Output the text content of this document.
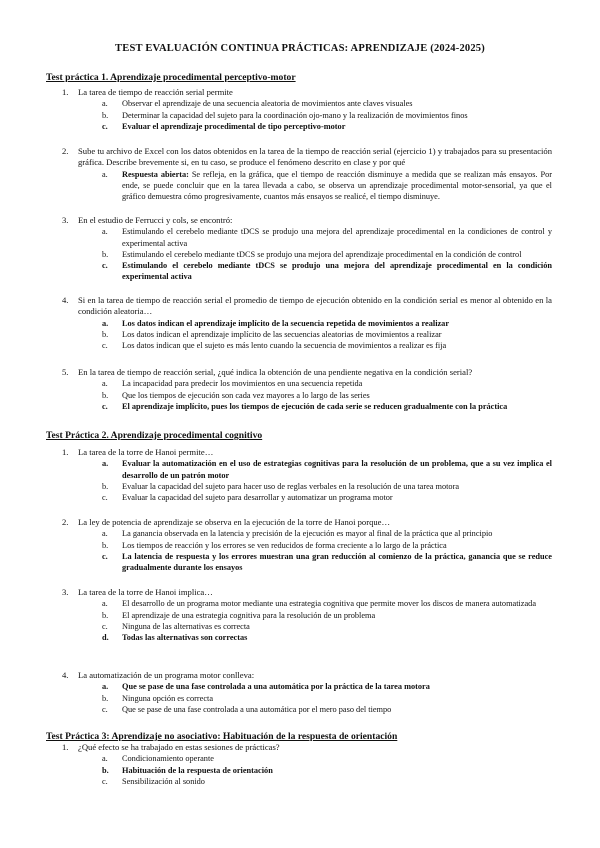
TEST EVALUACIÓN CONTINUA PRÁCTICAS: APRENDIZAJE (2024-2025)
Test práctica 1. Aprendizaje procedimental perceptivo-motor
1. La tarea de tiempo de reacción serial permite
a. Observar el aprendizaje de una secuencia aleatoria de movimientos ante claves visuales
b. Determinar la capacidad del sujeto para la coordinación ojo-mano y la realización de movimientos finos
c. Evaluar el aprendizaje procedimental de tipo perceptivo-motor
2. Sube tu archivo de Excel con los datos obtenidos en la tarea de la tiempo de reacción serial (ejercicio 1) y trabajados para su presentación gráfica. Describe brevemente si, en tu caso, se produce el fenómeno descrito en clase y por qué
a. Respuesta abierta: Se refleja, en la gráfica, que el tiempo de reacción disminuye a medida que se realizan más ensayos. Por ende, se puede concluir que en la tarea llevada a cabo, se observa un aprendizaje procedimental motor-sensorial, ya que el gráfico demuestra cómo progresivamente, cuantos más ensayos se realicé, el tiempo disminuye.
3. En el estudio de Ferrucci y cols, se encontró:
a. Estimulando el cerebelo mediante tDCS se produjo una mejora del aprendizaje procedimental en la condiciones de control y experimental activa
b. Estimulando el cerebelo mediante tDCS se produjo una mejora del aprendizaje procedimental en la condición de control
c. Estimulando el cerebelo mediante tDCS se produjo una mejora del aprendizaje procedimental en la condición experimental activa
4. Si en la tarea de tiempo de reacción serial el promedio de tiempo de ejecución obtenido en la condición serial es menor al obtenido en la condición aleatoria…
a. Los datos indican el aprendizaje implícito de la secuencia repetida de movimientos a realizar
b. Los datos indican el aprendizaje implícito de las secuencias aleatorias de movimientos a realizar
c. Los datos indican que el sujeto es más lento cuando la secuencia de movimientos a realizar es fija
5. En la tarea de tiempo de reacción serial, ¿qué indica la obtención de una pendiente negativa en la condición serial?
a. La incapacidad para predecir los movimientos en una secuencia repetida
b. Que los tiempos de ejecución son cada vez mayores a lo largo de las series
c. El aprendizaje implícito, pues los tiempos de ejecución de cada serie se reducen gradualmente con la práctica
Test Práctica 2. Aprendizaje procedimental cognitivo
1. La tarea de la torre de Hanoi permite…
a. Evaluar la automatización en el uso de estrategias cognitivas para la resolución de un problema, que a su vez implica el desarrollo de un patrón motor
b. Evaluar la capacidad del sujeto para hacer uso de reglas verbales en la resolución de una tarea motora
c. Evaluar la capacidad del sujeto para desarrollar y automatizar un programa motor
2. La ley de potencia de aprendizaje se observa en la ejecución de la torre de Hanoi porque…
a. La ganancia observada en la latencia y precisión de la ejecución es mayor al final de la práctica que al principio
b. Los tiempos de reacción y los errores se ven reducidos de forma creciente a lo largo de la práctica
c. La latencia de respuesta y los errores muestran una gran reducción al comienzo de la práctica, ganancia que se reduce gradualmente durante los ensayos
3. La tarea de la torre de Hanoi implica…
a. El desarrollo de un programa motor mediante una estrategia cognitiva que permite mover los discos de manera automatizada
b. El aprendizaje de una estrategia cognitiva para la resolución de un problema
c. Ninguna de las alternativas es correcta
d. Todas las alternativas son correctas
4. La automatización de un programa motor conlleva:
a. Que se pase de una fase controlada a una automática por la práctica de la tarea motora
b. Ninguna opción es correcta
c. Que se pase de una fase controlada a una automática por el mero paso del tiempo
Test Práctica 3: Aprendizaje no asociativo: Habituación de la respuesta de orientación
1. ¿Qué efecto se ha trabajado en estas sesiones de prácticas?
a. Condicionamiento operante
b. Habituación de la respuesta de orientación
c. Sensibilización al sonido
